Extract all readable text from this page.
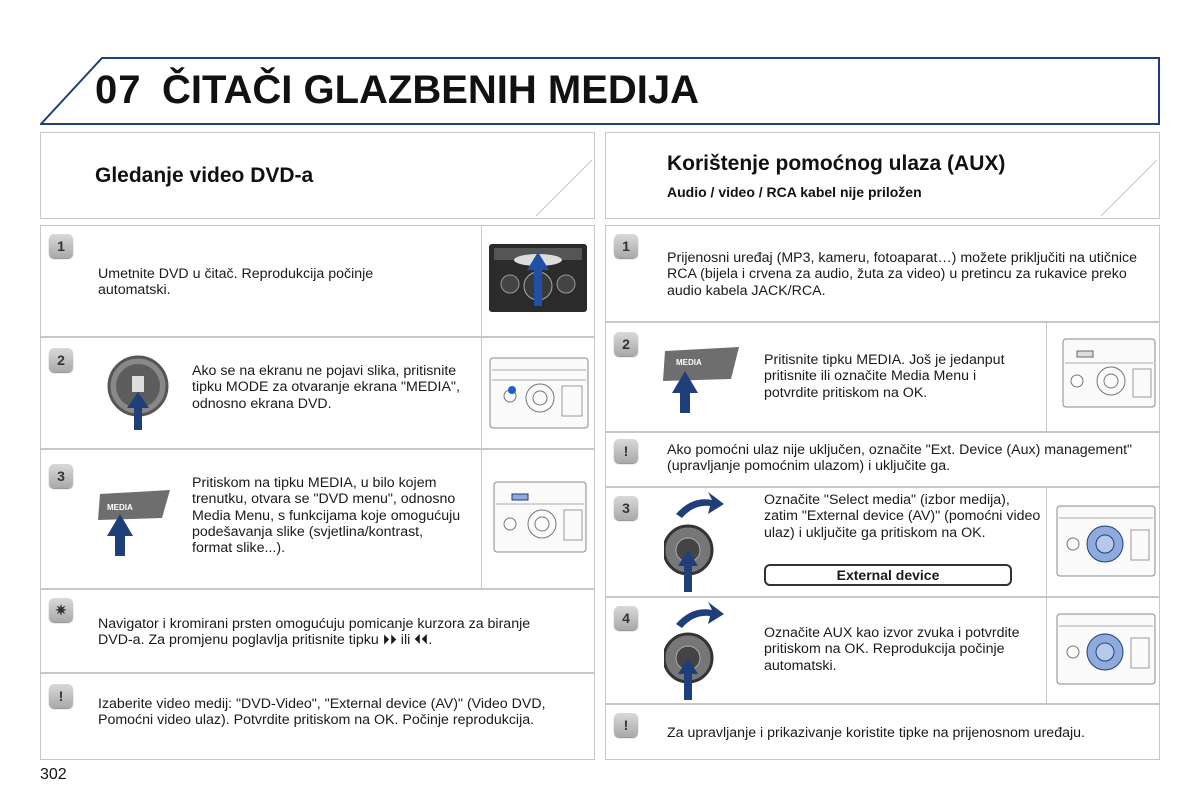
07 ČITAČI GLAZBENIH MEDIJA
Gledanje video DVD-a
Korištenje pomoćnog ulaza (AUX)
Audio / video / RCA kabel nije priložen
1
Umetnite DVD u čitač. Reprodukcija počinje automatski.
2
Ako se na ekranu ne pojavi slika, pritisnite tipku MODE za otvaranje ekrana "MEDIA", odnosno ekrana DVD.
3
MEDIA
Pritiskom na tipku MEDIA, u bilo kojem trenutku, otvara se "DVD menu", odnosno Media Menu, s funkcijama koje omogućuju podešavanja slike (svjetlina/kontrast, format slike...).
✷
Navigator i kromirani prsten omogućuju pomicanje kurzora za biranje DVD-a. Za promjenu poglavlja pritisnite tipku ⏵⏵ ili ⏴⏴.
!	Izaberite video medij: "DVD-Video", "External device (AV)" (Video DVD, Pomoćni video ulaz). Potvrdite pritiskom na OK. Počinje reprodukcija.
1
Prijenosni uređaj (MP3, kameru, fotoaparat…) možete priključiti na utičnice RCA (bijela i crvena za audio, žuta za video) u pretincu za rukavice preko audio kabela JACK/RCA.
2
MEDIA	Pritisnite tipku MEDIA. Još je jedanput pritisnite ili označite Media Menu i potvrdite pritiskom na OK.
!	Ako pomoćni ulaz nije uključen, označite "Ext. Device (Aux) management" (upravljanje pomoćnim ulazom) i uključite ga.
3	Označite "Select media" (izbor medija), zatim "External device (AV)" (pomoćni video ulaz) i uključite ga pritiskom na OK.
External device
4
Označite AUX kao izvor zvuka i potvrdite pritiskom na OK. Reprodukcija počinje automatski.
!	Za upravljanje i prikazivanje koristite tipke na prijenosnom uređaju.
302
